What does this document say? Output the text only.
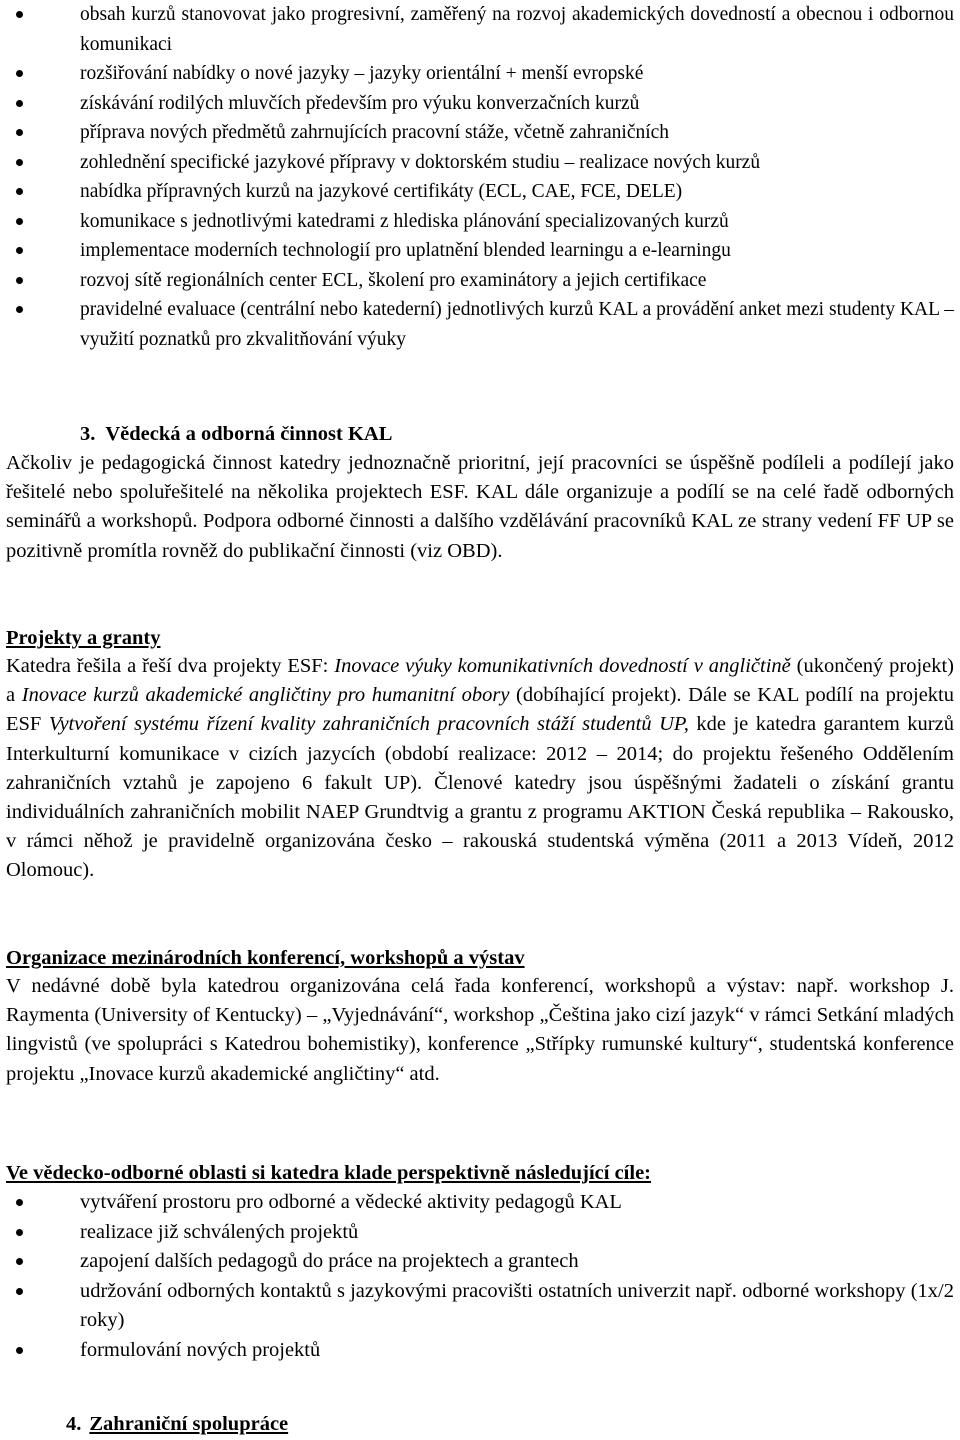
obsah kurzů stanovovat jako progresivní, zaměřený na rozvoj akademických dovedností a obecnou i odbornou komunikaci
rozšiřování nabídky o nové jazyky – jazyky orientální + menší evropské
získávání rodilých mluvčích především pro výuku konverzačních kurzů
příprava nových předmětů zahrnujících pracovní stáže, včetně zahraničních
zohlednění specifické jazykové přípravy v doktorském studiu – realizace nových kurzů
nabídka přípravných kurzů na jazykové certifikáty (ECL, CAE, FCE, DELE)
komunikace s jednotlivými katedrami z hlediska plánování specializovaných kurzů
implementace moderních technologií pro uplatnění blended learningu a e-learningu
rozvoj sítě regionálních center ECL, školení pro examinátory a jejich certifikace
pravidelné evaluace (centrální nebo katederní) jednotlivých kurzů KAL a provádění anket mezi studenty KAL – využití poznatků pro zkvalitňování výuky
3. Vědecká a odborná činnost KAL

Ačkoliv je pedagogická činnost katedry jednoznačně prioritní, její pracovníci se úspěšně podíleli a podílejí jako řešitelé nebo spoluřešitelé na několika projektech ESF. KAL dále organizuje a podílí se na celé řadě odborných seminářů a workshopů. Podpora odborné činnosti a dalšího vzdělávání pracovníků KAL ze strany vedení FF UP se pozitivně promítla rovněž do publikační činnosti (viz OBD).

Projekty a granty

Katedra řešila a řeší dva projekty ESF: Inovace výuky komunikativních dovedností v angličtině (ukončený projekt) a Inovace kurzů akademické angličtiny pro humanitní obory (dobíhající projekt). Dále se KAL podílí na projektu ESF Vytvoření systému řízení kvality zahraničních pracovních stáží studentů UP, kde je katedra garantem kurzů Interkulturní komunikace v cizích jazycích (období realizace: 2012 – 2014; do projektu řešeného Oddělením zahraničních vztahů je zapojeno 6 fakult UP). Členové katedry jsou úspěšnými žadateli o získání grantu individuálních zahraničních mobilit NAEP Grundtvig a grantu z programu AKTION Česká republika – Rakousko, v rámci něhož je pravidelně organizována česko – rakouská studentská výměna (2011 a 2013 Vídeň, 2012 Olomouc).

Organizace mezinárodních konferencí, workshopů a výstav

V nedávné době byla katedrou organizována celá řada konferencí, workshopů a výstav: např. workshop J. Raymenta (University of Kentucky) – „Vyjednávání“, workshop „Čeština jako cizí jazyk“ v rámci Setkání mladých lingvistů (ve spolupráci s Katedrou bohemistiky), konference „Střípky rumunské kultury“, studentská konference projektu „Inovace kurzů akademické angličtiny“ atd.

Ve vědecko-odborné oblasti si katedra klade perspektivně následující cíle:
vytváření prostoru pro odborné a vědecké aktivity pedagogů KAL
realizace již schválených projektů
zapojení dalších pedagogů do práce na projektech a grantech
udržování odborných kontaktů s jazykovými pracovišti ostatních univerzit např. odborné workshopy (1x/2 roky)
formulování nových projektů
4. Zahraniční spolupráce
